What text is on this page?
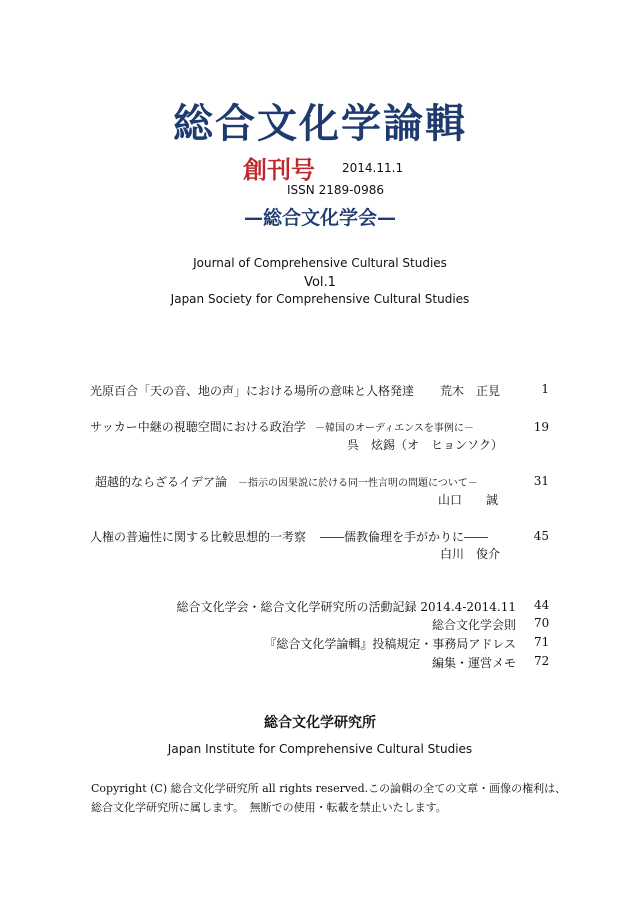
総合文化学論輯
創刊号 2014.11.1
ISSN 2189-0986
—総合文化学会—
Journal of Comprehensive Cultural Studies
Vol.1
Japan Society for Comprehensive Cultural Studies
光原百合「天の音、地の声」における場所の意味と人格発達 荒木　正見	1
サッカー中継の視聴空間における政治学 －韓国のオーディエンスを事例に－
呉　炫錫（オ　ヒョンソク）
19
超越的ならざるイデア論 －指示の因果説に於ける同一性言明の問題について－
山口　　誠
31
人権の普遍性に関する比較思想的一考察 ――儒教倫理を手がかりに――
白川　俊介
45
総合文化学会・総合文化学研究所の活動記録 2014.4-2014.11 44
総合文化学会則 70
『総合文化学論輯』投稿規定・事務局アドレス 71
編集・運営メモ 72
総合文化学研究所
Japan Institute for Comprehensive Cultural Studies
Copyright (C) 総合文化学研究所 all rights reserved.この論輯の全ての文章・画像の権利は、
総合文化学研究所に属します。　無断での使用・転載を禁止いたします。
